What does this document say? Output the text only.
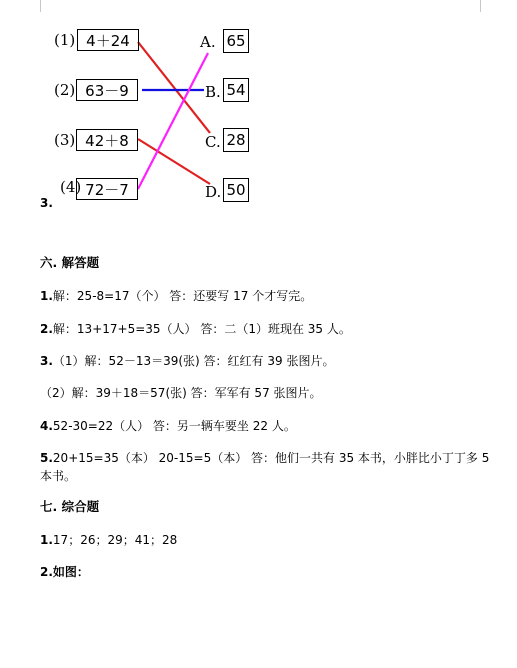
(1) 4＋24
(2) 63－9
(3) 42＋8
(4) 72－7
A. 65
B. 54
C. 28
D. 50
3.
六. 解答题
1.解：25-8=17（个） 答：还要写 17 个才写完。
2.解：13+17+5=35（人） 答：二（1）班现在 35 人。
3.（1）解：52－13＝39(张) 答：红红有 39 张图片。
（2）解：39＋18＝57(张) 答：军军有 57 张图片。
4.52-30=22（人） 答：另一辆车要坐 22 人。
5.20+15=35（本） 20-15=5（本） 答：他们一共有 35 本书，小胖比小丁丁多 5 本书。
七. 综合题
1.17；26；29；41；28
2.如图：
